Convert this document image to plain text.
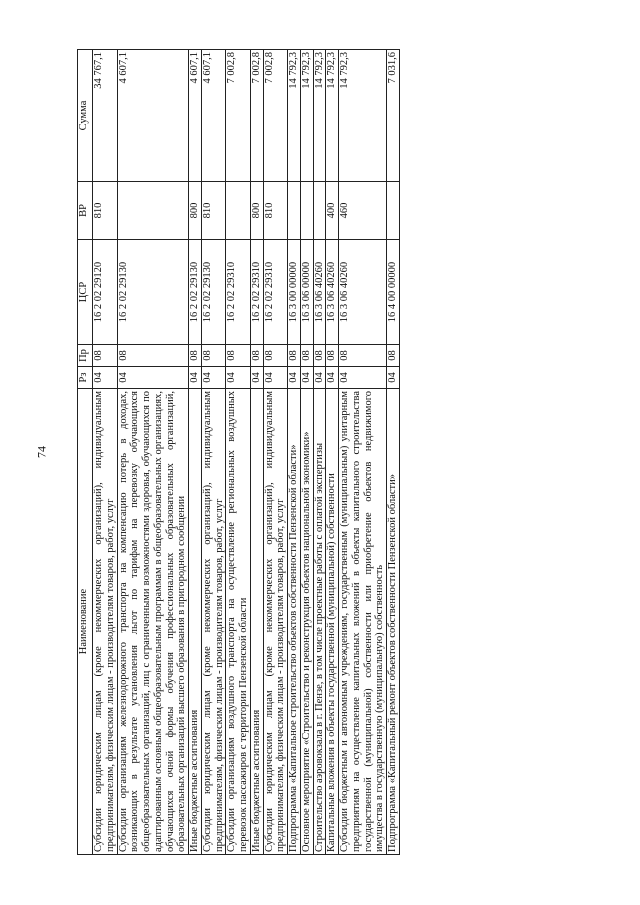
74
Наименование	Рз	Пр	ЦСР	ВР	Сумма
Субсидии юридическим лицам (кроме некоммерческих организаций), индивидуальным предпринимателям, физическим лицам - производителям товаров, работ, услуг	04	08	16 2 02 29120	810	34 767,1
Субсидии организациям железнодорожного транспорта на компенсацию потерь в доходах, возникающих в результате установления льгот по тарифам на перевозку обучающихся общеобразовательных организаций, лиц с ограниченными возможностями здоровья, обучающихся по адаптированным основным общеобразовательным программам в общеобразовательных организациях, обучающихся очной формы обучения профессиональных образовательных организаций, образовательных организаций высшего образования в пригородном сообщении	04	08	16 2 02 29130		4 607,1
Иные бюджетные ассигнования	04	08	16 2 02 29130	800	4 607,1
Субсидии юридическим лицам (кроме некоммерческих организаций), индивидуальным предпринимателям, физическим лицам - производителям товаров, работ, услуг	04	08	16 2 02 29130	810	4 607,1
Субсидии организациям воздушного транспорта на осуществление региональных воздушных перевозок пассажиров с территории Пензенской области	04	08	16 2 02 29310		7 002,8
Иные бюджетные ассигнования	04	08	16 2 02 29310	800	7 002,8
Субсидии юридическим лицам (кроме некоммерческих организаций), индивидуальным предпринимателям, физическим лицам - производителям товаров, работ, услуг	04	08	16 2 02 29310	810	7 002,8
Подпрограмма «Капитальное строительство объектов собственности Пензенской области»	04	08	16 3 00 00000		14 792,3
Основное мероприятие «Строительство и реконструкция объектов национальной экономики»	04	08	16 3 06 00000		14 792,3
Строительство аэровокзала в г. Пензе, в том числе проектные работы с оплатой экспертизы	04	08	16 3 06 40260		14 792,3
Капитальные вложения в объекты государственной (муниципальной) собственности	04	08	16 3 06 40260	400	14 792,3
Субсидии бюджетным и автономным учреждениям, государственным (муниципальным) унитарным предприятиям на осуществление капитальных вложений в объекты капитального строительства государственной (муниципальной) собственности или приобретение объектов недвижимого имущества в государственную (муниципальную) собственность	04	08	16 3 06 40260	460	14 792,3
Подпрограмма «Капитальный ремонт объектов собственности Пензенской области»	04	08	16 4 00 00000		7 031,6
